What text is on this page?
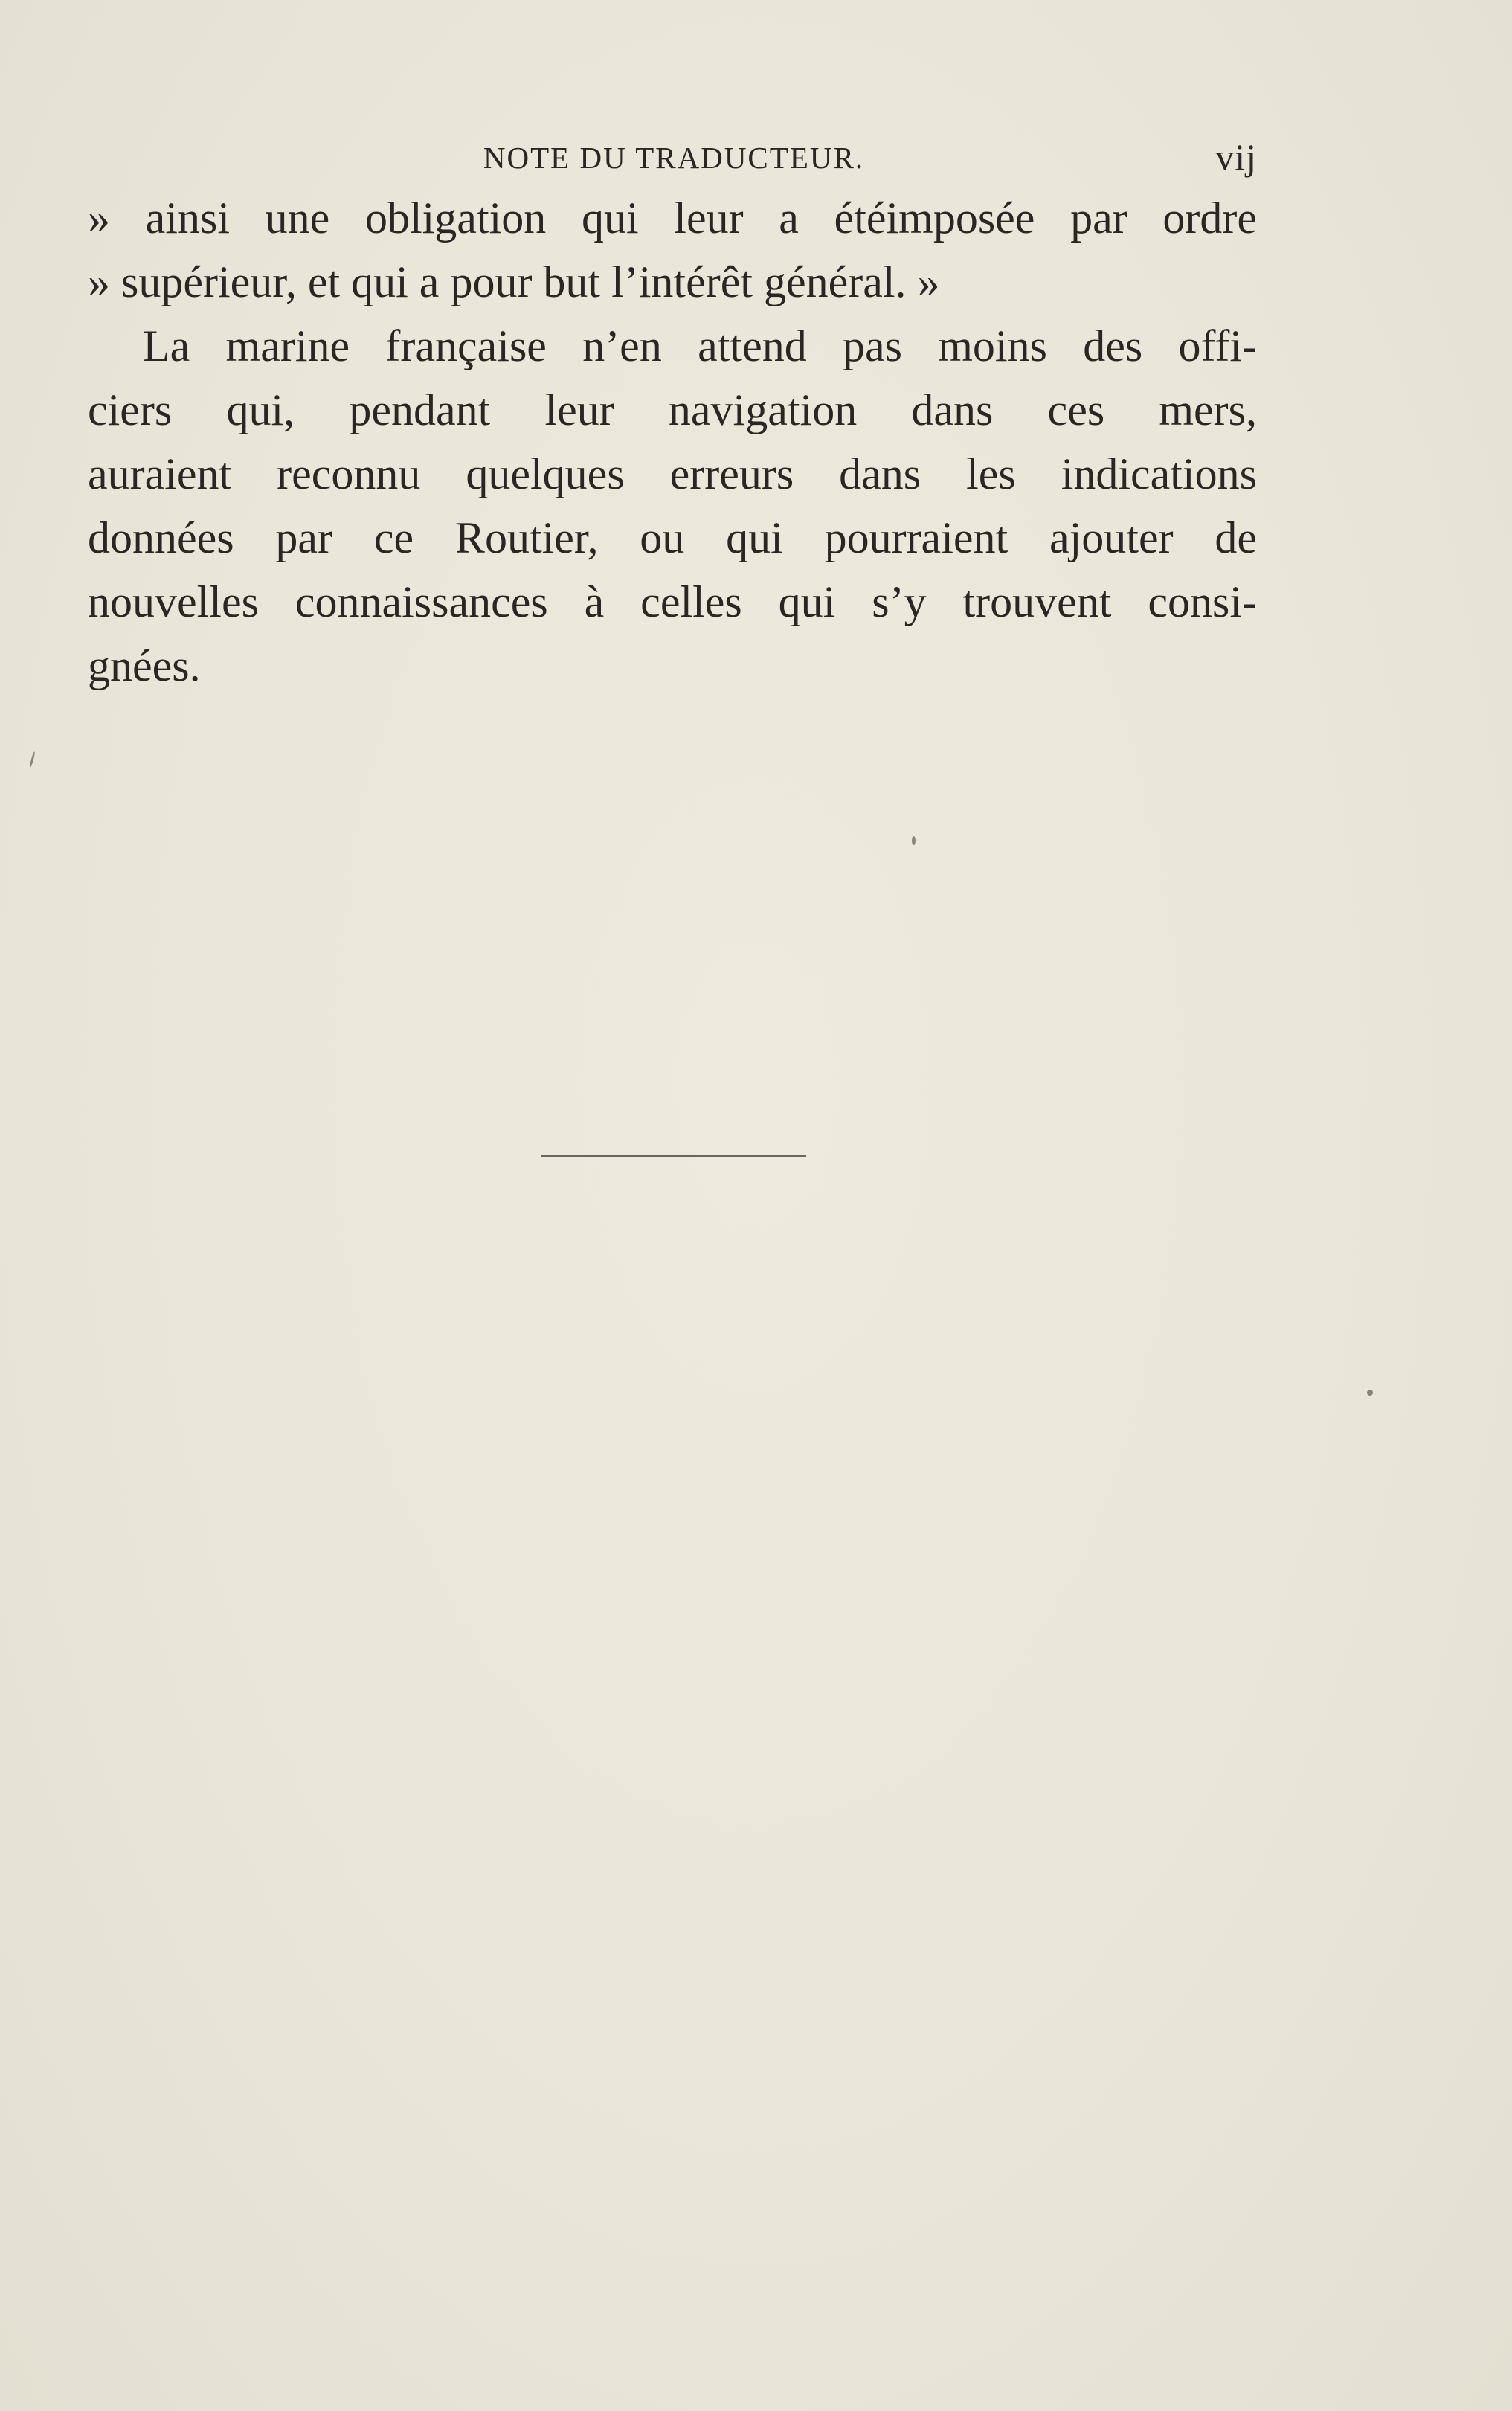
NOTE DU TRADUCTEUR.	vij
» ainsi une obligation qui leur a étéimposée par ordre
» supérieur, et qui a pour but l’intérêt général. »
La marine française n’en attend pas moins des offi-
ciers qui, pendant leur navigation dans ces mers,
auraient reconnu quelques erreurs dans les indications
données par ce Routier, ou qui pourraient ajouter de
nouvelles connaissances à celles qui s’y trouvent consi-
gnées.
